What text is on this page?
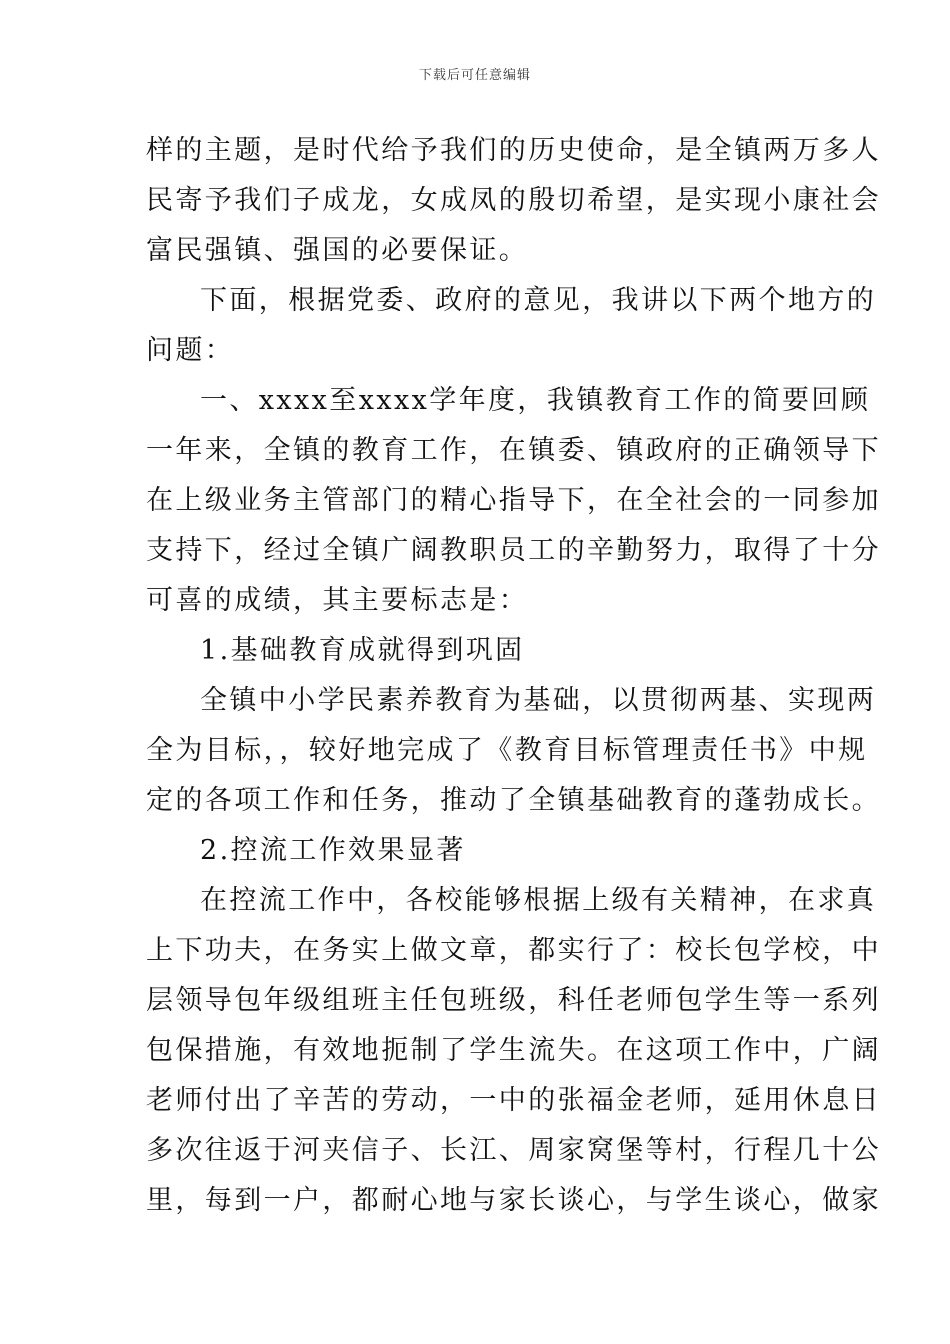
下载后可任意编辑
样的主题，是时代给予我们的历史使命，是全镇两万多人
民寄予我们子成龙，女成凤的殷切希望，是实现小康社会
富民强镇、强国的必要保证。
下面，根据党委、政府的意见，我讲以下两个地方的
问题：
一、xxxx至xxxx学年度，我镇教育工作的简要回顾
一年来，全镇的教育工作，在镇委、镇政府的正确领导下
在上级业务主管部门的精心指导下，在全社会的一同参加
支持下，经过全镇广阔教职员工的辛勤努力，取得了十分
可喜的成绩，其主要标志是：
1.基础教育成就得到巩固
全镇中小学民素养教育为基础，以贯彻两基、实现两
全为目标，，较好地完成了《教育目标管理责任书》中规
定的各项工作和任务，推动了全镇基础教育的蓬勃成长。
2.控流工作效果显著
在控流工作中，各校能够根据上级有关精神，在求真
上下功夫，在务实上做文章，都实行了：校长包学校，中
层领导包年级组班主任包班级，科任老师包学生等一系列
包保措施，有效地扼制了学生流失。在这项工作中，广阔
老师付出了辛苦的劳动，一中的张福金老师，延用休息日
多次往返于河夹信子、长江、周家窝堡等村，行程几十公
里，每到一户，都耐心地与家长谈心，与学生谈心，做家
